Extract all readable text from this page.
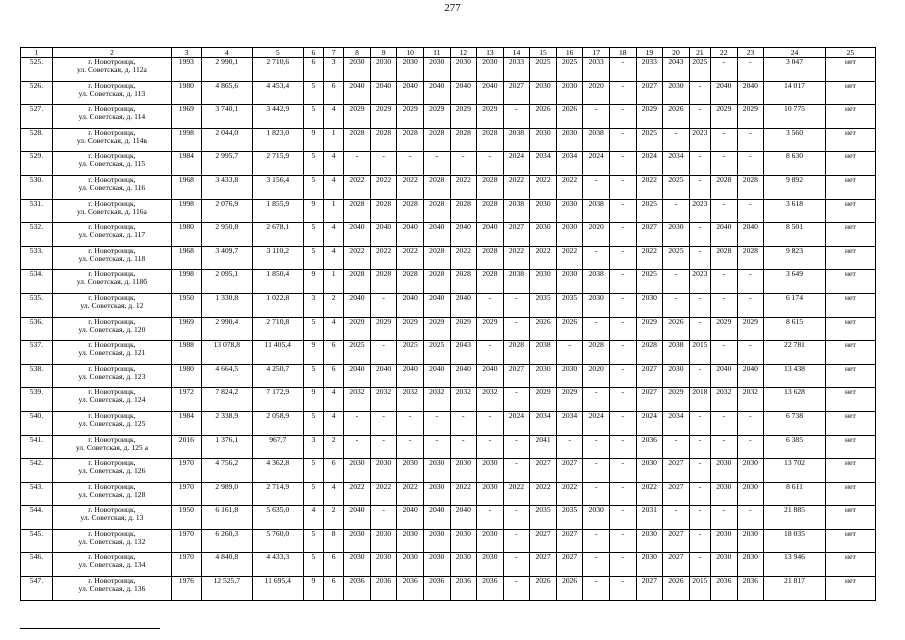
277
1	2	3	4	5	6	7	8	9	10	11	12	13	14	15	16	17	18	19	20	21	22	23	24	25
525.	г. Новотроицк,
ул. Советская, д. 112а	1993	2 990,1	2 710,6	6	3	2030	2030	2030	2030	2030	2030	2033	2025	2025	2033	-	2033	2043	2025	-	-	3 047	нет
526.	г. Новотроицк,
ул. Советская, д. 113	1980	4 865,6	4 453,4	5	6	2040	2040	2040	2040	2040	2040	2027	2030	2030	2020	-	2027	2030	-	2040	2040	14 017	нет
527.	г. Новотроицк,
ул. Советская, д. 114	1969	3 740,1	3 442,9	5	4	2029	2029	2029	2029	2029	2029	-	2026	2026	-	-	2029	2026	-	2029	2029	10 775	нет
528.	г. Новотроицк,
ул. Советская, д. 114в	1998	2 044,0	1 823,0	9	1	2028	2028	2028	2028	2028	2028	2038	2030	2030	2038	-	2025	-	2023	-	-	3 560	нет
529.	г. Новотроицк,
ул. Советская, д. 115	1984	2 995,7	2 715,9	5	4	-	-	-	-	-	-	2024	2034	2034	2024	-	2024	2034	-	-	-	8 630	нет
530.	г. Новотроицк,
ул. Советская, д. 116	1968	3 433,8	3 156,4	5	4	2022	2022	2022	2028	2022	2028	2022	2022	2022	-	-	2022	2025	-	2028	2028	9 892	нет
531.	г. Новотроицк,
ул. Советская, д. 116а	1998	2 076,9	1 855,9	9	1	2028	2028	2028	2028	2028	2028	2038	2030	2030	2038	-	2025	-	2023	-	-	3 618	нет
532.	г. Новотроицк,
ул. Советская, д. 117	1980	2 950,8	2 678,1	5	4	2040	2040	2040	2040	2040	2040	2027	2030	2030	2020	-	2027	2030	-	2040	2040	8 501	нет
533.	г. Новотроицк,
ул. Советская, д. 118	1968	3 409,7	3 110,2	5	4	2022	2022	2022	2028	2022	2028	2022	2022	2022	-	-	2022	2025	-	2028	2028	9 823	нет
534.	г. Новотроицк,
ул. Советская, д. 118б	1998	2 095,1	1 850,4	9	1	2028	2028	2028	2028	2028	2028	2038	2030	2030	2038	-	2025	-	2023	-	-	3 649	нет
535.	г. Новотроицк,
ул. Советская, д. 12	1950	1 330,8	1 022,8	3	2	2040	-	2040	2040	2040	-	-	2035	2035	2030	-	2030	-	-	-	-	6 174	нет
536.	г. Новотроицк,
ул. Советская, д. 120	1969	2 990,4	2 710,8	5	4	2029	2029	2029	2029	2029	2029	-	2026	2026	-	-	2029	2026	-	2029	2029	8 615	нет
537.	г. Новотроицк,
ул. Советская, д. 121	1988	13 078,8	11 405,4	9	6	2025	-	2025	2025	2043	-	2028	2038	-	2028	-	2028	2038	2015	-	-	22 781	нет
538.	г. Новотроицк,
ул. Советская, д. 123	1980	4 664,5	4 250,7	5	6	2040	2040	2040	2040	2040	2040	2027	2030	2030	2020	-	2027	2030	-	2040	2040	13 438	нет
539.	г. Новотроицк,
ул. Советская, д. 124	1972	7 824,2	7 172,9	9	4	2032	2032	2032	2032	2032	2032	-	2029	2029	-	-	2027	2029	2018	2032	2032	13 628	нет
540.	г. Новотроицк,
ул. Советская, д. 125	1984	2 338,9	2 058,9	5	4	-	-	-	-	-	-	2024	2034	2034	2024	-	2024	2034	-	-	-	6 738	нет
541.	г. Новотроицк,
ул. Советская, д. 125 а	2016	1 376,1	967,7	3	2	-	-	-	-	-	-	-	2041	-	-	-	2036	-	-	-	-	6 385	нет
542.	г. Новотроицк,
ул. Советская, д. 126	1970	4 756,2	4 362,8	5	6	2030	2030	2030	2030	2030	2030	-	2027	2027	-	-	2030	2027	-	2030	2030	13 702	нет
543.	г. Новотроицк,
ул. Советская, д. 128	1970	2 989,0	2 714,9	5	4	2022	2022	2022	2030	2022	2030	2022	2022	2022	-	-	2022	2027	-	2030	2030	8 611	нет
544.	г. Новотроицк,
ул. Советская, д. 13	1950	6 161,8	5 635,0	4	2	2040	-	2040	2040	2040	-	-	2035	2035	2030	-	2031	-	-	-	-	21 885	нет
545.	г. Новотроицк,
ул. Советская, д. 132	1970	6 260,3	5 760,0	5	8	2030	2030	2030	2030	2030	2030	-	2027	2027	-	-	2030	2027	-	2030	2030	18 035	нет
546.	г. Новотроицк,
ул. Советская, д. 134	1970	4 840,8	4 433,3	5	6	2030	2030	2030	2030	2030	2030	-	2027	2027	-	-	2030	2027	-	2030	2030	13 946	нет
547.	г. Новотроицк,
ул. Советская, д. 136	1976	12 525,7	11 695,4	9	6	2036	2036	2036	2036	2036	2036	-	2026	2026	-	-	2027	2026	2015	2036	2036	21 817	нет
